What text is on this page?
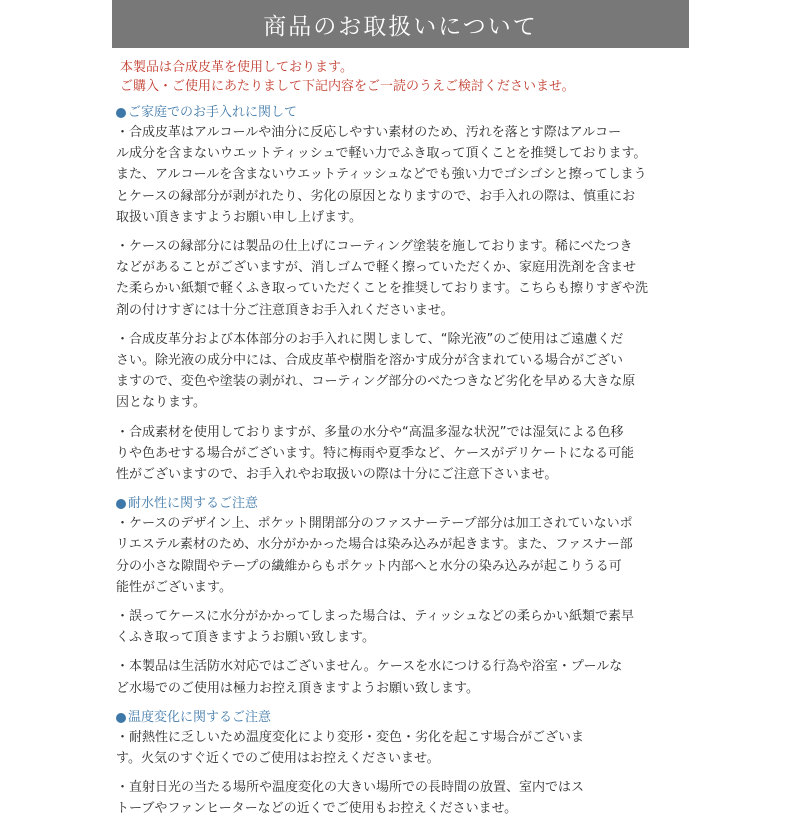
商品のお取扱いについて
本製品は合成皮革を使用しております。
ご購入・ご使用にあたりまして下記内容をご一読のうえご検討くださいませ。
ご家庭でのお手入れに関して
・合成皮革はアルコールや油分に反応しやすい素材のため、汚れを落とす際はアルコー
ル成分を含まないウエットティッシュで軽い力でふき取って頂くことを推奨しております。
また、アルコールを含まないウエットティッシュなどでも強い力でゴシゴシと擦ってしまう
とケースの縁部分が剥がれたり、劣化の原因となりますので、お手入れの際は、慎重にお
取扱い頂きますようお願い申し上げます。
・ケースの縁部分には製品の仕上げにコーティング塗装を施しております。稀にべたつき
などがあることがございますが、消しゴムで軽く擦っていただくか、家庭用洗剤を含ませ
た柔らかい紙類で軽くふき取っていただくことを推奨しております。こちらも擦りすぎや洗
剤の付けすぎには十分ご注意頂きお手入れくださいませ。
・合成皮革分および本体部分のお手入れに関しまして、“除光液”のご使用はご遠慮くだ
さい。除光液の成分中には、合成皮革や樹脂を溶かす成分が含まれている場合がござい
ますので、変色や塗装の剥がれ、コーティング部分のべたつきなど劣化を早める大きな原
因となります。
・合成素材を使用しておりますが、多量の水分や“高温多湿な状況”では湿気による色移
りや色あせする場合がございます。特に梅雨や夏季など、ケースがデリケートになる可能
性がございますので、お手入れやお取扱いの際は十分にご注意下さいませ。
耐水性に関するご注意
・ケースのデザイン上、ポケット開閉部分のファスナーテープ部分は加工されていないポ
リエステル素材のため、水分がかかった場合は染み込みが起きます。また、ファスナー部
分の小さな隙間やテープの繊維からもポケット内部へと水分の染み込みが起こりうる可
能性がございます。
・誤ってケースに水分がかかってしまった場合は、ティッシュなどの柔らかい紙類で素早
くふき取って頂きますようお願い致します。
・本製品は生活防水対応ではございません。ケースを水につける行為や浴室・プールな
ど水場でのご使用は極力お控え頂きますようお願い致します。
温度変化に関するご注意
・耐熱性に乏しいため温度変化により変形・変色・劣化を起こす場合がございま
す。火気のすぐ近くでのご使用はお控えくださいませ。
・直射日光の当たる場所や温度変化の大きい場所での長時間の放置、室内ではス
トーブやファンヒーターなどの近くでご使用もお控えくださいませ。
